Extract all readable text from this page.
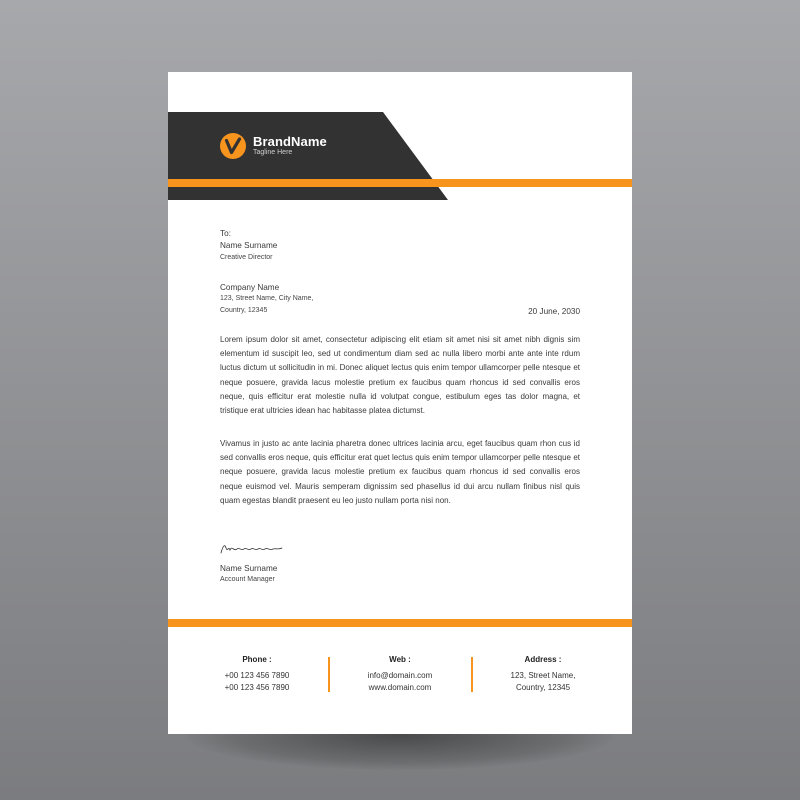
BrandName
Tagline Here
To:
Name Surname
Creative Director
Company Name
123, Street Name, City Name,
Country, 12345	20 June, 2030
Lorem ipsum dolor sit amet, consectetur adipiscing elit etiam sit amet nisi sit amet nibh dignis sim elementum id suscipit leo, sed ut condimentum diam sed ac nulla libero morbi ante ante inte rdum luctus dictum ut sollicitudin in mi. Donec aliquet lectus quis enim tempor ullamcorper pelle ntesque et neque posuere, gravida lacus molestie pretium ex faucibus quam rhoncus id sed convallis eros neque, quis efficitur erat molestie nulla id volutpat congue, estibulum eges tas dolor magna, et tristique erat ultricies idean hac habitasse platea dictumst.
Vivamus in justo ac ante lacinia pharetra donec ultrices lacinia arcu, eget faucibus quam rhon cus id sed convallis eros neque, quis efficitur erat quet lectus quis enim tempor ullamcorper pelle ntesque et neque posuere, gravida lacus molestie pretium ex faucibus quam rhoncus id sed convallis eros neque euismod vel. Mauris semperam dignissim sed phasellus id dui arcu nullam finibus nisl quis quam egestas blandit praesent eu leo justo nullam porta nisi non.
Name Surname
Account Manager
Phone :
+00 123 456 7890
+00 123 456 7890
Web :
info@domain.com
www.domain.com
Address :
123, Street Name,
Country, 12345
